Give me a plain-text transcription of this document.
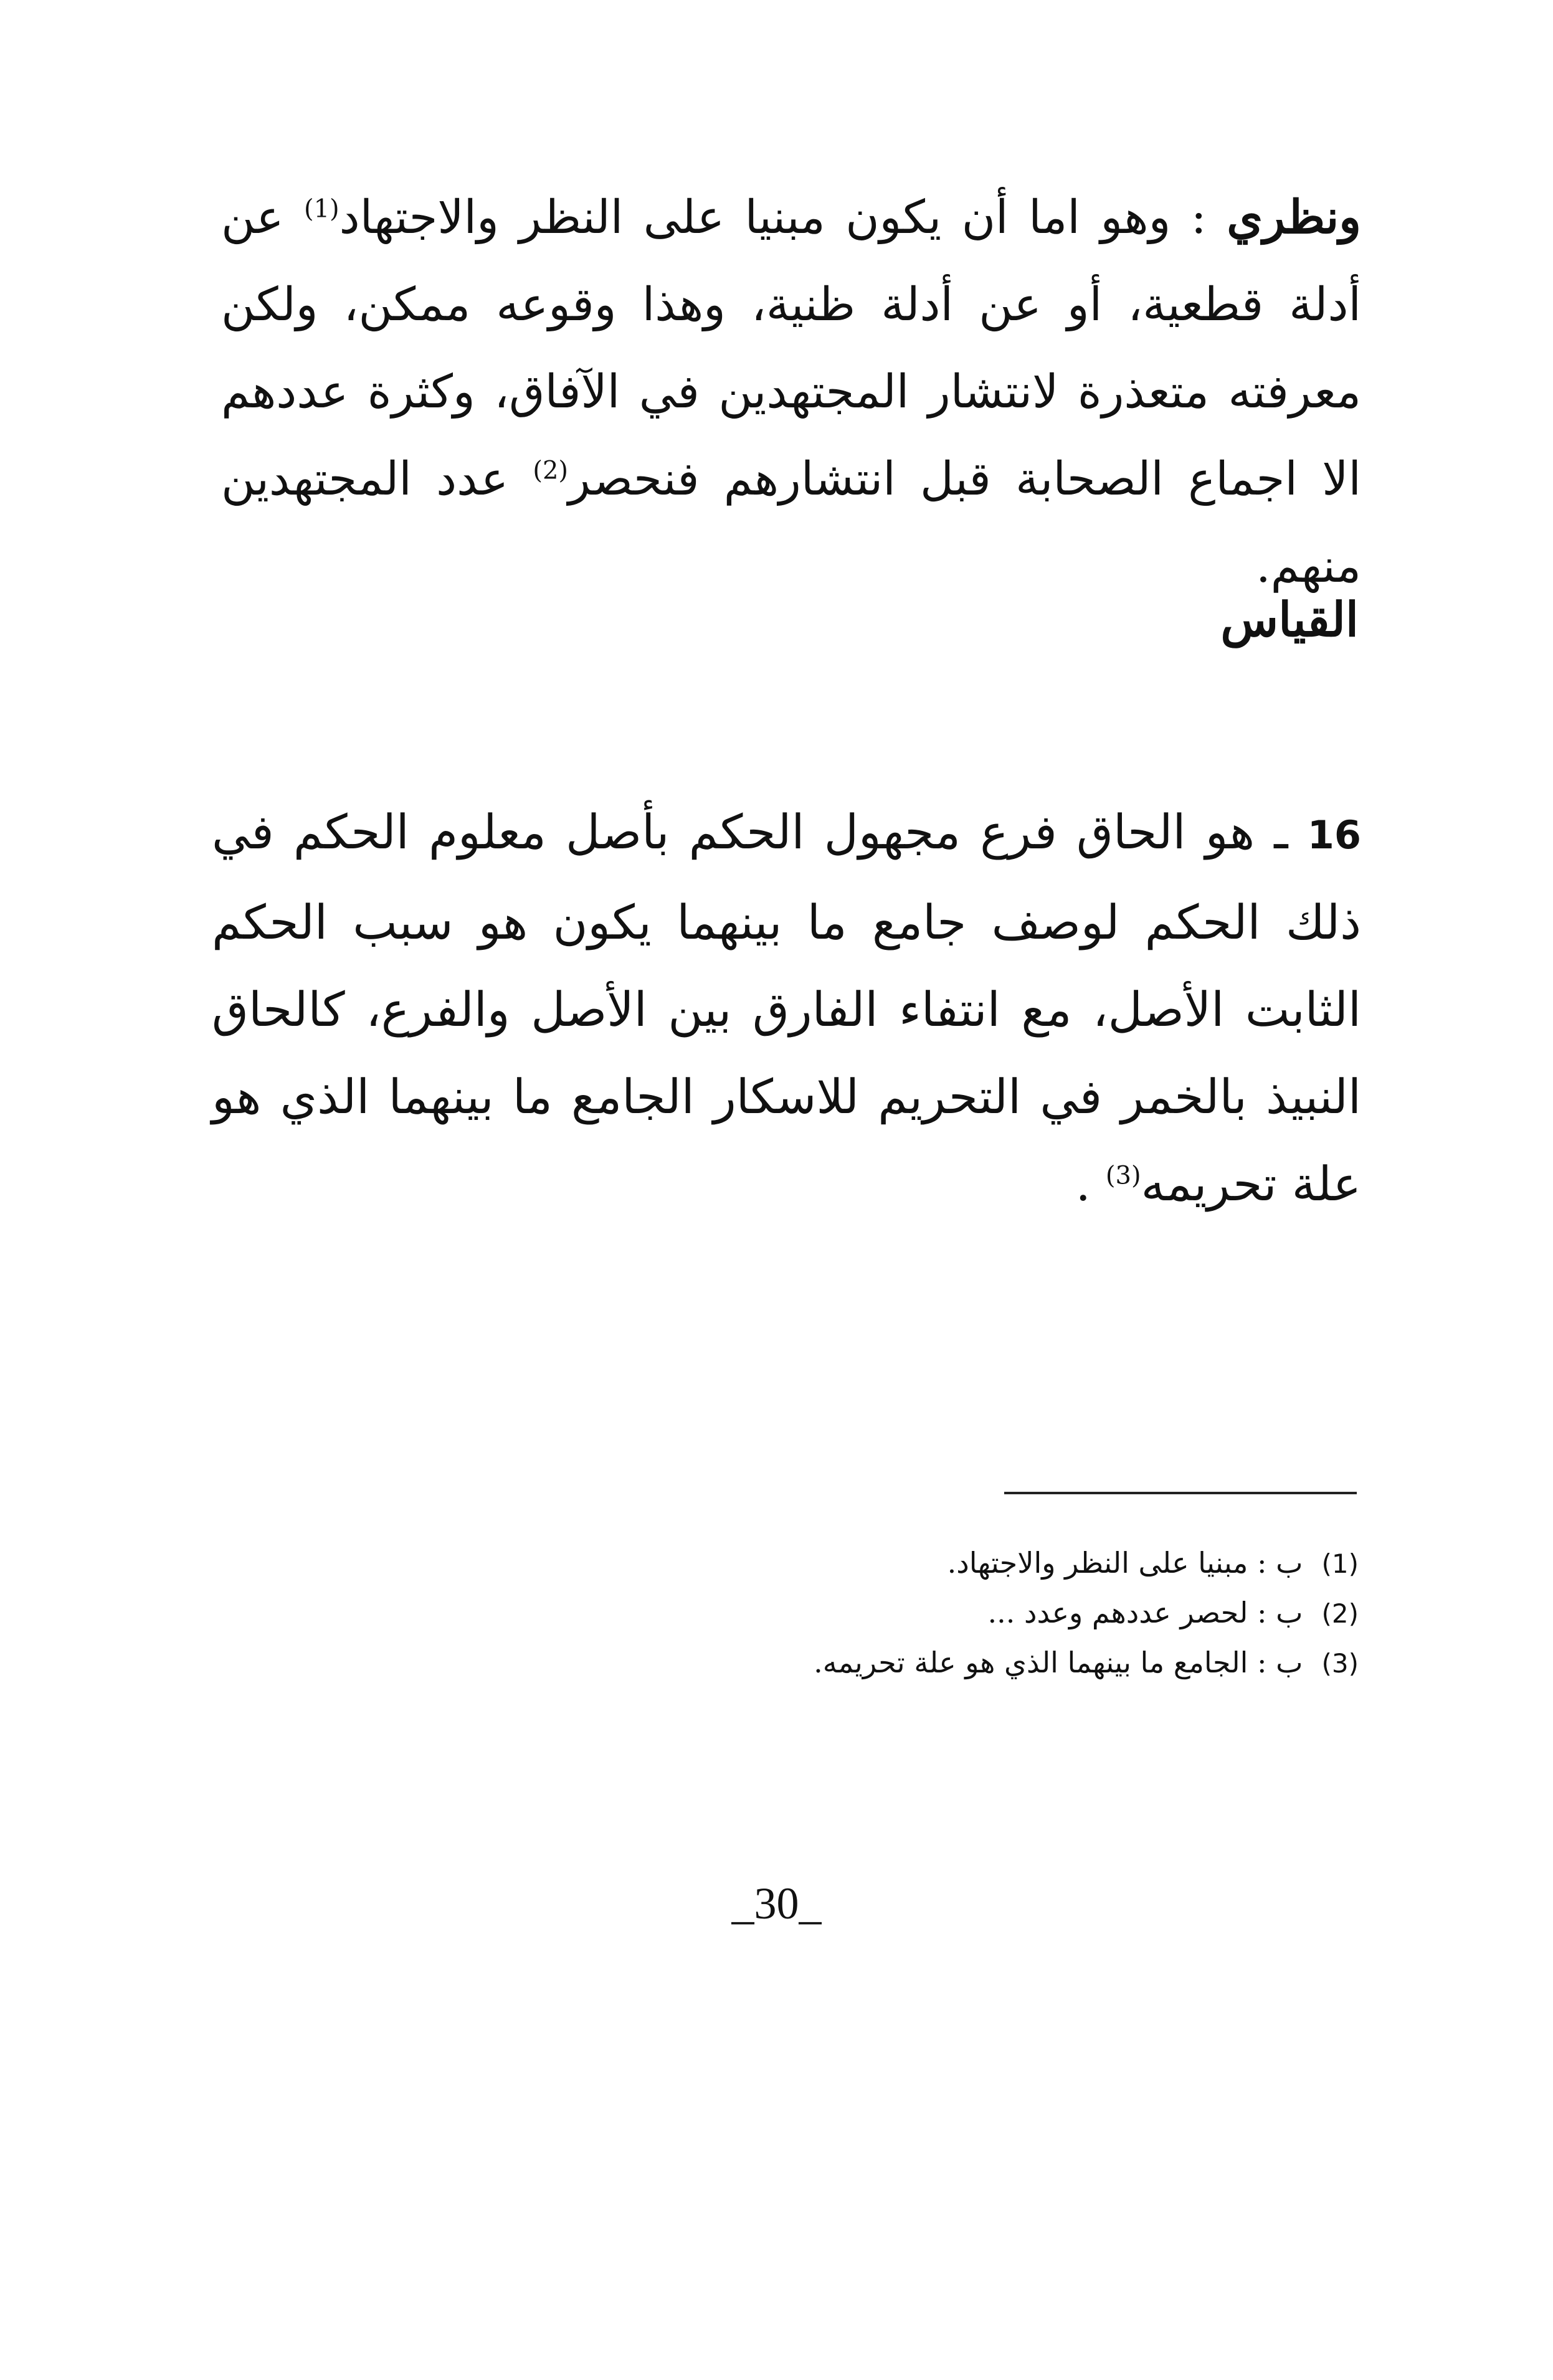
ونظري : وهو اما أن يكون مبنيا على النظر والاجتهاد$^{(1)}$ عن أدلة قطعية، أو عن أدلة ظنية، وهذا وقوعه ممكن، ولكن معرفته متعذرة لانتشار المجتهدين في الآفاق، وكثرة عددهم الا اجماع الصحابة قبل انتشارهم فنحصر$^{(2)}$ عدد المجتهدين منهم.

القياس

16 ـ هو الحاق فرع مجهول الحكم بأصل معلوم الحكم في ذلك الحكم لوصف جامع ما بينهما يكون هو سبب الحكم الثابت الأصل، مع انتفاء الفارق بين الأصل والفرع، كالحاق النبيذ بالخمر في التحريم للاسكار الجامع ما بينهما الذي هو علة تحريمه$^{(3)}$ .

(1)ب : مبنيا على النظر والاجتهاد.
(2)ب : لحصر عددهم وعدد ...
(3)ب : الجامع ما بينهما الذي هو علة تحريمه.
_30_
